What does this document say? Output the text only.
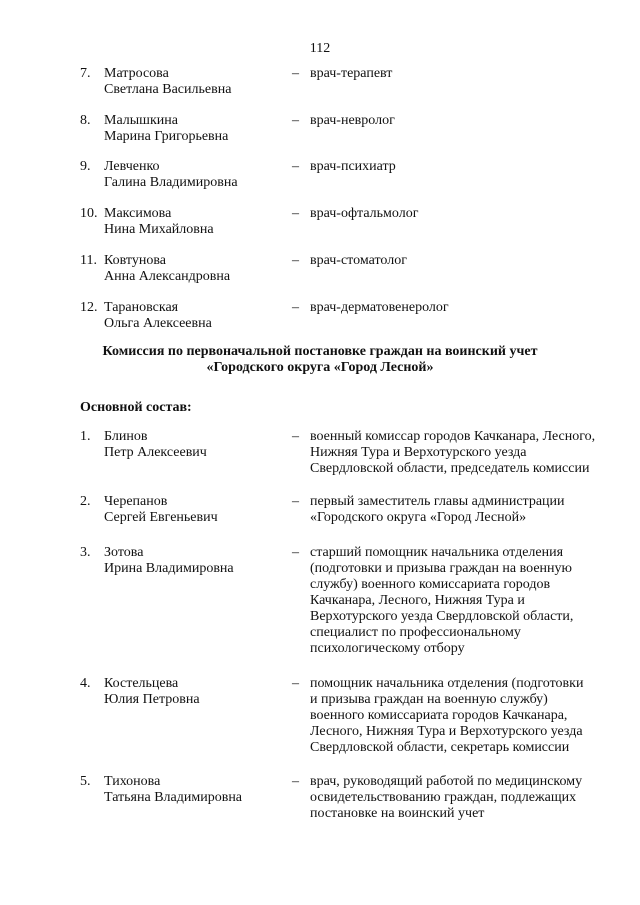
112
7. Матросова
Светлана Васильевна
– врач-терапевт
8. Малышкина
Марина Григорьевна
– врач-невролог
9. Левченко
Галина Владимировна
– врач-психиатр
10. Максимова
Нина Михайловна
– врач-офтальмолог
11. Ковтунова
Анна Александровна
– врач-стоматолог
12. Тарановская
Ольга Алексеевна
– врач-дерматовенеролог
Комиссия по первоначальной постановке граждан на воинский учет
«Городского округа «Город Лесной»
Основной состав:
1. Блинов
Петр Алексеевич
– военный комиссар городов Качканара, Лесного,
Нижняя Тура и Верхотурского уезда
Свердловской области, председатель комиссии
2. Черепанов
Сергей Евгеньевич
– первый заместитель главы администрации
«Городского округа «Город Лесной»
3. Зотова
Ирина Владимировна
– старший помощник начальника отделения
(подготовки и призыва граждан на военную
службу) военного комиссариата городов
Качканара, Лесного, Нижняя Тура и
Верхотурского уезда Свердловской области,
специалист по профессиональному
психологическому отбору
4. Костельцева
Юлия Петровна
– помощник начальника отделения (подготовки
и призыва граждан на военную службу)
военного комиссариата городов Качканара,
Лесного, Нижняя Тура и Верхотурского уезда
Свердловской области, секретарь комиссии
5. Тихонова
Татьяна Владимировна
– врач, руководящий работой по медицинскому
освидетельствованию граждан, подлежащих
постановке на воинский учет
